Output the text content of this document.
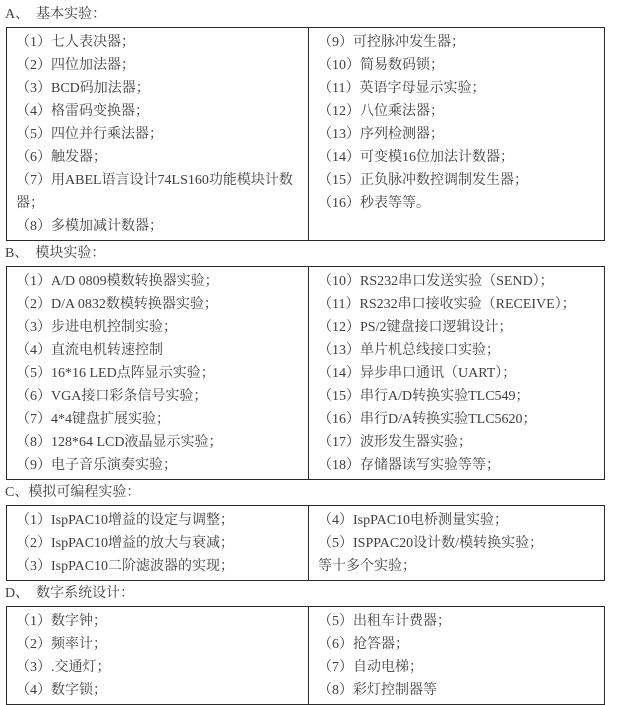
A、  基本实验：
（1）七人表决器；
（2）四位加法器；
（3）BCD码加法器；
（4）格雷码变换器；
（5）四位并行乘法器；
（6）触发器；
（7）用ABEL语言设计74LS160功能模块计数器；
（8）多模加减计数器；
（9）可控脉冲发生器；
（10）简易数码锁；
（11）英语字母显示实验；
（12）八位乘法器；
（13）序列检测器；
（14）可变模16位加法计数器；
（15）正负脉冲数控调制发生器；
（16）秒表等等。
B、  模块实验：
（1）A/D 0809模数转换器实验；
（2）D/A 0832数模转换器实验；
（3）步进电机控制实验；
（4）直流电机转速控制
（5）16*16 LED点阵显示实验；
（6）VGA接口彩条信号实验；
（7）4*4键盘扩展实验；
（8）128*64 LCD液晶显示实验；
（9）电子音乐演奏实验；
（10）RS232串口发送实验（SEND）；
（11）RS232串口接收实验（RECEIVE）；
（12）PS/2键盘接口逻辑设计；
（13）单片机总线接口实验；
（14）异步串口通讯（UART）；
（15）串行A/D转换实验TLC549；
（16）串行D/A转换实验TLC5620；
（17）波形发生器实验；
（18）存储器读写实验等等；
C、模拟可编程实验：
（1）IspPAC10增益的设定与调整；
（2）IspPAC10增益的放大与衰减；
（3）IspPAC10二阶滤波器的实现；
（4）IspPAC10电桥测量实验；
（5）ISPPAC20设计数/模转换实验；
等十多个实验；
D、  数字系统设计：
（1）数字钟；
（2）频率计；
（3）.交通灯；
（4）数字锁；
（5）出租车计费器；
（6）抢答器；
（7）自动电梯；
（8）彩灯控制器等
